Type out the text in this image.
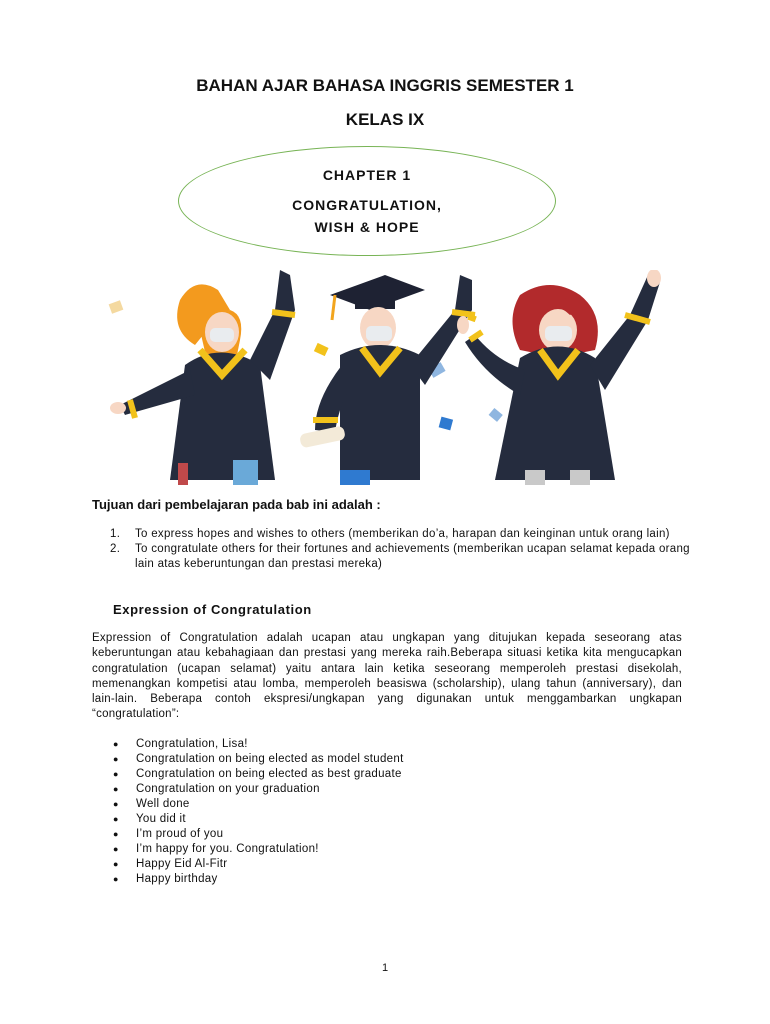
BAHAN AJAR BAHASA INGGRIS SEMESTER 1
KELAS IX
CHAPTER 1
CONGRATULATION,
WISH & HOPE
Tujuan dari pembelajaran pada bab ini adalah :
1.	To express hopes and wishes to others (memberikan do’a, harapan dan keinginan untuk orang lain)
2.	To congratulate others for their fortunes and achievements (memberikan ucapan selamat kepada orang lain atas keberuntungan dan prestasi mereka)
Expression of Congratulation
Expression of Congratulation adalah ucapan atau ungkapan yang ditujukan kepada seseorang atas keberuntungan atau kebahagiaan dan prestasi yang mereka raih.Beberapa situasi ketika kita mengucapkan congratulation (ucapan selamat) yaitu antara lain ketika seseorang memperoleh prestasi disekolah, memenangkan kompetisi atau lomba, memperoleh beasiswa (scholarship), ulang tahun (anniversary), dan lain-lain. Beberapa contoh ekspresi/ungkapan yang digunakan untuk menggambarkan ungkapan “congratulation”:
●	Congratulation, Lisa!
●	Congratulation on being elected as model student
●	Congratulation on being elected as best graduate
●	Congratulation on your graduation
●	Well done
●	You did it
●	I’m proud of you
●	I’m happy for you. Congratulation!
●	Happy Eid Al-Fitr
●	Happy birthday
1
